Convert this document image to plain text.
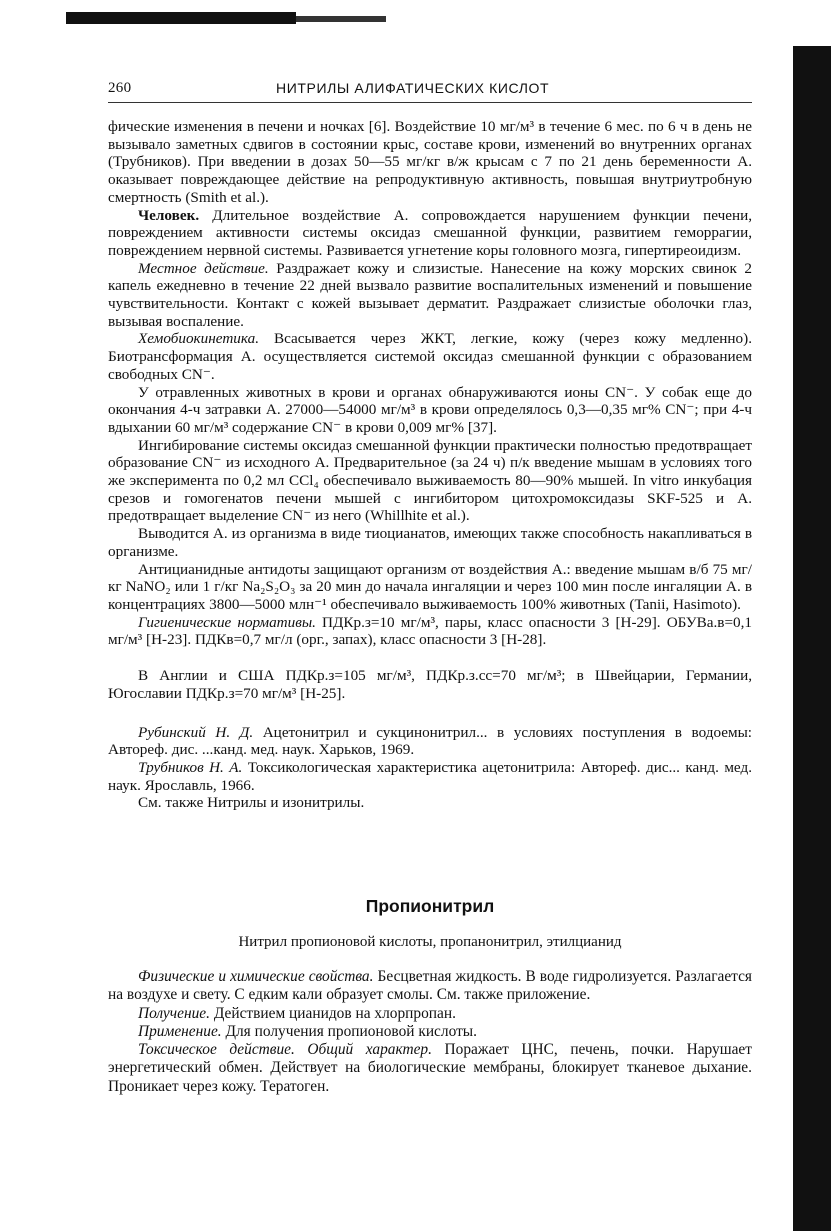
260	НИТРИЛЫ АЛИФАТИЧЕСКИХ КИСЛОТ

фические изменения в печени и ночках [6]. Воздействие 10 мг/м³ в течение 6 мес. по 6 ч в день не вызывало заметных сдвигов в состоянии крыс, составе крови, изменений во внутренних органах (Трубников). При введении в дозах 50—55 мг/кг в/ж крысам с 7 по 21 день беременности А. оказывает повреждающее действие на репродуктивную активность, повышая внутриутробную смертность (Smith et al.).

Человек. Длительное воздействие А. сопровождается нарушением функции печени, повреждением активности системы оксидаз смешанной функции, развитием геморрагии, повреждением нервной системы. Развивается угнетение коры головного мозга, гипертиреоидизм.

Местное действие. Раздражает кожу и слизистые. Нанесение на кожу морских свинок 2 капель ежедневно в течение 22 дней вызвало развитие воспалительных изменений и повышение чувствительности. Контакт с кожей вызывает дерматит. Раздражает слизистые оболочки глаз, вызывая воспаление.

Хемобиокинетика. Всасывается через ЖКТ, легкие, кожу (через кожу медленно). Биотрансформация А. осуществляется системой оксидаз смешанной функции с образованием свободных CN⁻.

У отравленных животных в крови и органах обнаруживаются ионы CN⁻. У собак еще до окончания 4-ч затравки А. 27000—54000 мг/м³ в крови определялось 0,3—0,35 мг% CN⁻; при 4-ч вдыхании 60 мг/м³ содержание CN⁻ в крови 0,009 мг% [37].

Ингибирование системы оксидаз смешанной функции практически полностью предотвращает образование CN⁻ из исходного А. Предварительное (за 24 ч) п/к введение мышам в условиях того же эксперимента по 0,2 мл CCl₄ обеспечивало выживаемость 80—90% мышей. In vitro инкубация срезов и гомогенатов печени мышей с ингибитором цитохромоксидазы SKF-525 и А. предотвращает выделение CN⁻ из него (Whillhite et al.).

Выводится А. из организма в виде тиоцианатов, имеющих также способность накапливаться в организме.

Антицианидные антидоты защищают организм от воздействия А.: введение мышам в/б 75 мг/кг NaNO₂ или 1 г/кг Na₂S₂O₃ за 20 мин до начала ингаляции и через 100 мин после ингаляции А. в концентрациях 3800—5000 млн⁻¹ обеспечивало выживаемость 100% животных (Tanii, Hasimoto).

Гигиенические нормативы. ПДКр.з=10 мг/м³, пары, класс опасности 3 [Н-29]. ОБУВа.в=0,1 мг/м³ [Н-23]. ПДКв=0,7 мг/л (орг., запах), класс опасности 3 [Н-28].

В Англии и США ПДКр.з=105 мг/м³, ПДКр.з.сс=70 мг/м³; в Швейцарии, Германии, Югославии ПДКр.з=70 мг/м³ [Н-25].

Рубинский Н. Д. Ацетонитрил и сукцинонитрил... в условиях поступления в водоемы: Автореф. дис. ...канд. мед. наук. Харьков, 1969.

Трубников Н. А. Токсикологическая характеристика ацетонитрила: Автореф. дис... канд. мед. наук. Ярославль, 1966.

См. также Нитрилы и изонитрилы.

Пропионитрил
Нитрил пропионовой кислоты, пропанонитрил, этилцианид

Физические и химические свойства. Бесцветная жидкость. В воде гидролизуется. Разлагается на воздухе и свету. С едким кали образует смолы. См. также приложение.

Получение. Действием цианидов на хлорпропан.

Применение. Для получения пропионовой кислоты.

Токсическое действие. Общий характер. Поражает ЦНС, печень, почки. Нарушает энергетический обмен. Действует на биологические мембраны, блокирует тканевое дыхание. Проникает через кожу. Тератоген.
